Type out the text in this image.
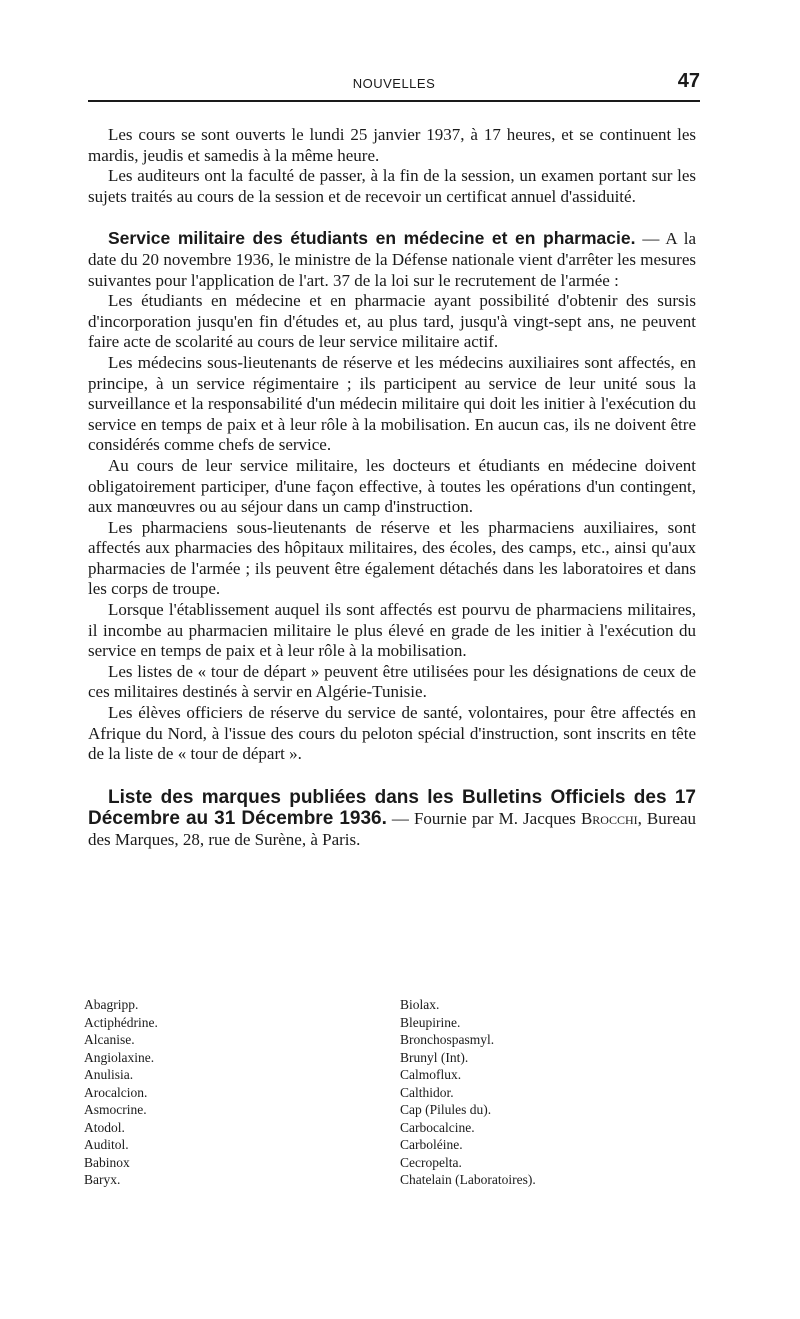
NOUVELLES	47

Les cours se sont ouverts le lundi 25 janvier 1937, à 17 heures, et se continuent les mardis, jeudis et samedis à la même heure.

Les auditeurs ont la faculté de passer, à la fin de la session, un examen portant sur les sujets traités au cours de la session et de recevoir un certificat annuel d'assiduité.

Service militaire des étudiants en médecine et en pharmacie. — A la date du 20 novembre 1936, le ministre de la Défense nationale vient d'arrêter les mesures suivantes pour l'application de l'art. 37 de la loi sur le recrutement de l'armée :

Les étudiants en médecine et en pharmacie ayant possibilité d'obtenir des sursis d'incorporation jusqu'en fin d'études et, au plus tard, jusqu'à vingt-sept ans, ne peuvent faire acte de scolarité au cours de leur service militaire actif.

Les médecins sous-lieutenants de réserve et les médecins auxiliaires sont affectés, en principe, à un service régimentaire ; ils participent au service de leur unité sous la surveillance et la responsabilité d'un médecin militaire qui doit les initier à l'exécution du service en temps de paix et à leur rôle à la mobilisation. En aucun cas, ils ne doivent être considérés comme chefs de service.

Au cours de leur service militaire, les docteurs et étudiants en médecine doivent obligatoirement participer, d'une façon effective, à toutes les opérations d'un contingent, aux manœuvres ou au séjour dans un camp d'instruction.

Les pharmaciens sous-lieutenants de réserve et les pharmaciens auxiliaires, sont affectés aux pharmacies des hôpitaux militaires, des écoles, des camps, etc., ainsi qu'aux pharmacies de l'armée ; ils peuvent être également détachés dans les laboratoires et dans les corps de troupe.

Lorsque l'établissement auquel ils sont affectés est pourvu de pharmaciens militaires, il incombe au pharmacien militaire le plus élevé en grade de les initier à l'exécution du service en temps de paix et à leur rôle à la mobilisation.

Les listes de « tour de départ » peuvent être utilisées pour les désignations de ceux de ces militaires destinés à servir en Algérie-Tunisie.

Les élèves officiers de réserve du service de santé, volontaires, pour être affectés en Afrique du Nord, à l'issue des cours du peloton spécial d'instruction, sont inscrits en tête de la liste de « tour de départ ».

Liste des marques publiées dans les Bulletins Officiels des 17 Décembre au 31 Décembre 1936. — Fournie par M. Jacques Brocchi, Bureau des Marques, 28, rue de Surène, à Paris.

Abagripp.
Actiphédrine.
Alcanise.
Angiolaxine.
Anulisia.
Arocalcion.
Asmocrine.
Atodol.
Auditol.
Babinox
Baryx.
Biolax.
Bleupirine.
Bronchospasmyl.
Brunyl (Int).
Calmoflux.
Calthidor.
Cap (Pilules du).
Carbocalcine.
Carboléine.
Cecropelta.
Chatelain (Laboratoires).
